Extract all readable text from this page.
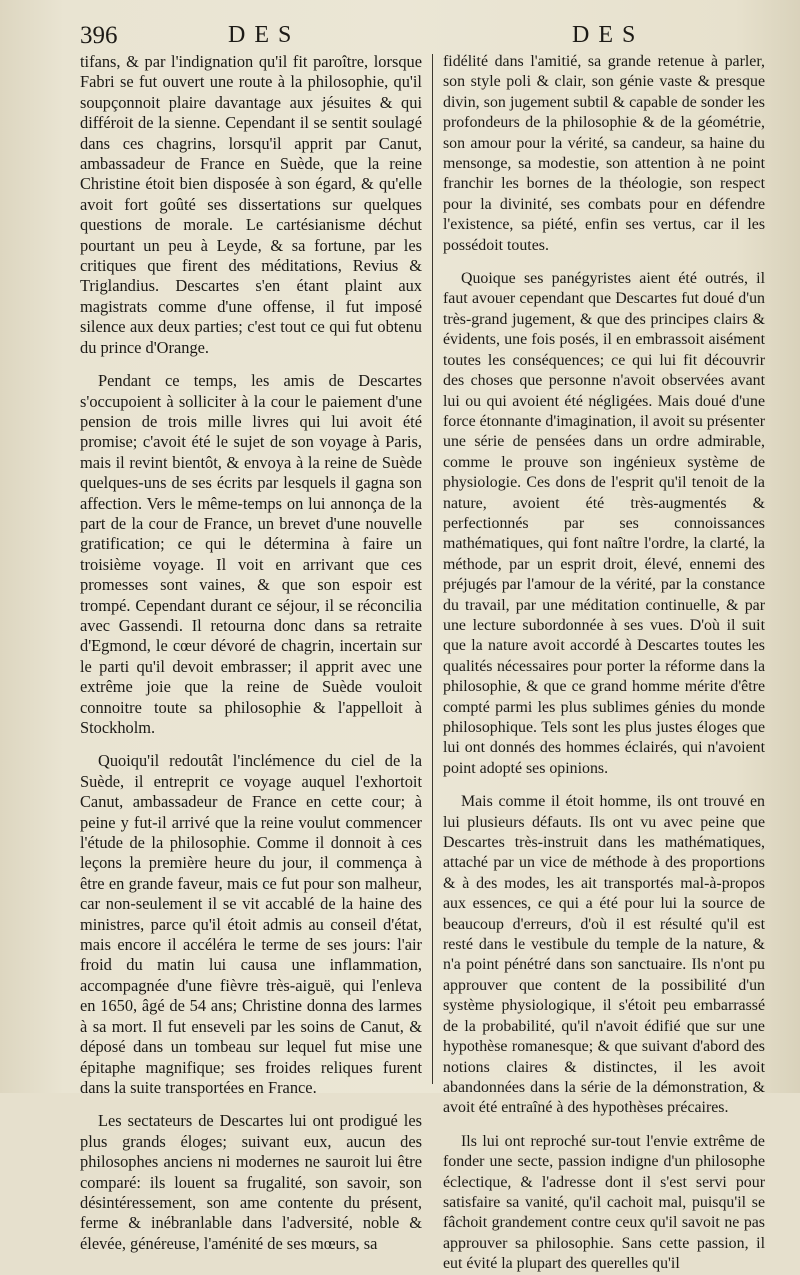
396	DES	DES

tifans, & par l'indignation qu'il fit paroître, lorsque Fabri se fut ouvert une route à la philosophie, qu'il soupçonnoit plaire davantage aux jésuites & qui différoit de la sienne. Cependant il se sentit soulagé dans ces chagrins, lorsqu'il apprit par Canut, ambassadeur de France en Suède, que la reine Christine étoit bien disposée à son égard, & qu'elle avoit fort goûté ses dissertations sur quelques questions de morale. Le cartésianisme déchut pourtant un peu à Leyde, & sa fortune, par les critiques que firent des méditations, Revius & Triglandius. Descartes s'en étant plaint aux magistrats comme d'une offense, il fut imposé silence aux deux parties; c'est tout ce qui fut obtenu du prince d'Orange.

Pendant ce temps, les amis de Descartes s'occupoient à solliciter à la cour le paiement d'une pension de trois mille livres qui lui avoit été promise; c'avoit été le sujet de son voyage à Paris, mais il revint bientôt, & envoya à la reine de Suède quelques-uns de ses écrits par lesquels il gagna son affection. Vers le même-temps on lui annonça de la part de la cour de France, un brevet d'une nouvelle gratification; ce qui le détermina à faire un troisième voyage. Il voit en arrivant que ces promesses sont vaines, & que son espoir est trompé. Cependant durant ce séjour, il se réconcilia avec Gassendi. Il retourna donc dans sa retraite d'Egmond, le cœur dévoré de chagrin, incertain sur le parti qu'il devoit embrasser; il apprit avec une extrême joie que la reine de Suède vouloit connoitre toute sa philosophie & l'appelloit à Stockholm.

Quoiqu'il redoutât l'inclémence du ciel de la Suède, il entreprit ce voyage auquel l'exhortoit Canut, ambassadeur de France en cette cour; à peine y fut-il arrivé que la reine voulut commencer l'étude de la philosophie. Comme il donnoit à ces leçons la première heure du jour, il commença à être en grande faveur, mais ce fut pour son malheur, car non-seulement il se vit accablé de la haine des ministres, parce qu'il étoit admis au conseil d'état, mais encore il accéléra le terme de ses jours: l'air froid du matin lui causa une inflammation, accompagnée d'une fièvre très-aiguë, qui l'enleva en 1650, âgé de 54 ans; Christine donna des larmes à sa mort. Il fut enseveli par les soins de Canut, & déposé dans un tombeau sur lequel fut mise une épitaphe magnifique; ses froides reliques furent dans la suite transportées en France.

Les sectateurs de Descartes lui ont prodigué les plus grands éloges; suivant eux, aucun des philosophes anciens ni modernes ne sauroit lui être comparé: ils louent sa frugalité, son savoir, son désintéressement, son ame contente du présent, ferme & inébranlable dans l'adversité, noble & élevée, généreuse, l'aménité de ses mœurs, sa

fidélité dans l'amitié, sa grande retenue à parler, son style poli & clair, son génie vaste & presque divin, son jugement subtil & capable de sonder les profondeurs de la philosophie & de la géométrie, son amour pour la vérité, sa candeur, sa haine du mensonge, sa modestie, son attention à ne point franchir les bornes de la théologie, son respect pour la divinité, ses combats pour en défendre l'existence, sa piété, enfin ses vertus, car il les possédoit toutes.

Quoique ses panégyristes aient été outrés, il faut avouer cependant que Descartes fut doué d'un très-grand jugement, & que des principes clairs & évidents, une fois posés, il en embrassoit aisément toutes les conséquences; ce qui lui fit découvrir des choses que personne n'avoit observées avant lui ou qui avoient été négligées. Mais doué d'une force étonnante d'imagination, il avoit su présenter une série de pensées dans un ordre admirable, comme le prouve son ingénieux système de physiologie. Ces dons de l'esprit qu'il tenoit de la nature, avoient été très-augmentés & perfectionnés par ses connoissances mathématiques, qui font naître l'ordre, la clarté, la méthode, par un esprit droit, élevé, ennemi des préjugés par l'amour de la vérité, par la constance du travail, par une méditation continuelle, & par une lecture subordonnée à ses vues. D'où il suit que la nature avoit accordé à Descartes toutes les qualités nécessaires pour porter la réforme dans la philosophie, & que ce grand homme mérite d'être compté parmi les plus sublimes génies du monde philosophique. Tels sont les plus justes éloges que lui ont donnés des hommes éclairés, qui n'avoient point adopté ses opinions.

Mais comme il étoit homme, ils ont trouvé en lui plusieurs défauts. Ils ont vu avec peine que Descartes très-instruit dans les mathématiques, attaché par un vice de méthode à des proportions & à des modes, les ait transportés mal-à-propos aux essences, ce qui a été pour lui la source de beaucoup d'erreurs, d'où il est résulté qu'il est resté dans le vestibule du temple de la nature, & n'a point pénétré dans son sanctuaire. Ils n'ont pu approuver que content de la possibilité d'un système physiologique, il s'étoit peu embarrassé de la probabilité, qu'il n'avoit édifié que sur une hypothèse romanesque; & que suivant d'abord des notions claires & distinctes, il les avoit abandonnées dans la série de la démonstration, & avoit été entraîné à des hypothèses précaires.

Ils lui ont reproché sur-tout l'envie extrême de fonder une secte, passion indigne d'un philosophe éclectique, & l'adresse dont il s'est servi pour satisfaire sa vanité, qu'il cachoit mal, puisqu'il se fâchoit grandement contre ceux qu'il savoit ne pas approuver sa philosophie. Sans cette passion, il eut évité la plupart des querelles qu'il
